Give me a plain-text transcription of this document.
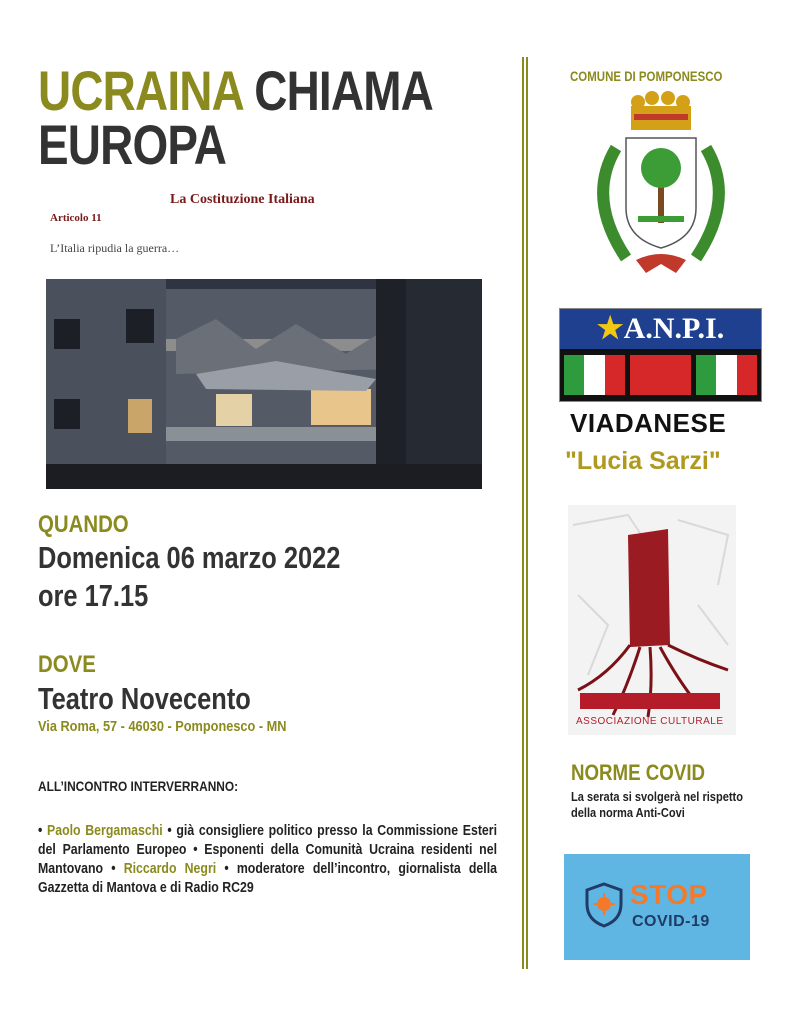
UCRAINA CHIAMA
EUROPA
La Costituzione Italiana
Articolo 11
L’Italia ripudia la guerra…
QUANDO
Domenica 06 marzo 2022
ore 17.15
DOVE
Teatro Novecento
Via Roma, 57 - 46030 - Pomponesco - MN
ALL’INCONTRO INTERVERRANNO:
• Paolo Bergamaschi • già consigliere politico presso la Commissione Esteri del Parlamento Europeo • Esponenti della Comunità Ucraina residenti nel Mantovano • Riccardo Negri • moderatore dell’incontro, giornalista della Gazzetta di Mantova e di Radio RC29
COMUNE DI POMPONESCO
★A.N.P.I.
VIADANESE
"Lucia Sarzi"
ASSOCIAZIONE CULTURALE
NORME COVID
La serata si svolgerà nel rispetto della norma Anti-Covi
STOP
COVID-19
